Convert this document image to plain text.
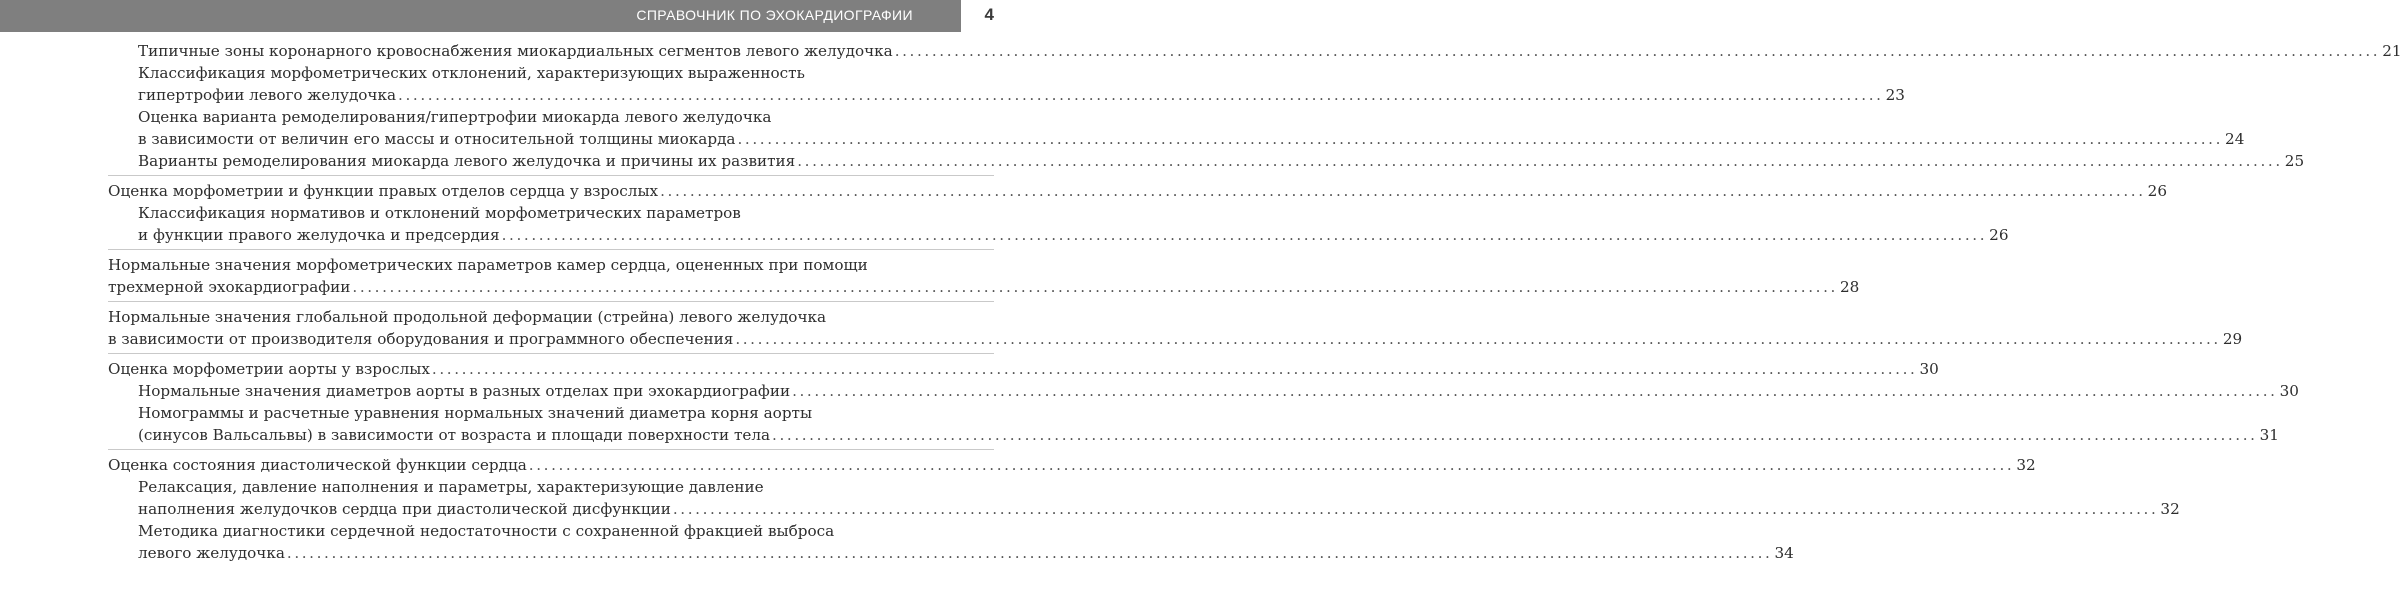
СПРАВОЧНИК ПО ЭХОКАРДИОГРАФИИ	4
Типичные зоны коронарного кровоснабжения миокардиальных сегментов левого желудочка ........................................................................................................................................................................................................ 21
Классификация морфометрических отклонений, характеризующих выраженность
гипертрофии левого желудочка ........................................................................................................................................................................................................ 23
Оценка варианта ремоделирования/гипертрофии миокарда левого желудочка
в зависимости от величин его массы и относительной толщины миокарда ........................................................................................................................................................................................................ 24
Варианты ремоделирования миокарда левого желудочка и причины их развития ........................................................................................................................................................................................................ 25
Оценка морфометрии и функции правых отделов сердца у взрослых ........................................................................................................................................................................................................ 26
Классификация нормативов и отклонений морфометрических параметров
и функции правого желудочка и предсердия ........................................................................................................................................................................................................ 26
Нормальные значения морфометрических параметров камер сердца, оцененных при помощи
трехмерной эхокардиографии ........................................................................................................................................................................................................ 28
Нормальные значения глобальной продольной деформации (стрейна) левого желудочка
в зависимости от производителя оборудования и программного обеспечения ........................................................................................................................................................................................................ 29
Оценка морфометрии аорты у взрослых ........................................................................................................................................................................................................ 30
Нормальные значения диаметров аорты в разных отделах при эхокардиографии ........................................................................................................................................................................................................ 30
Номограммы и расчетные уравнения нормальных значений диаметра корня аорты
(синусов Вальсальвы) в зависимости от возраста и площади поверхности тела ........................................................................................................................................................................................................ 31
Оценка состояния диастолической функции сердца ........................................................................................................................................................................................................ 32
Релаксация, давление наполнения и параметры, характеризующие давление
наполнения желудочков сердца при диастолической дисфункции ........................................................................................................................................................................................................ 32
Методика диагностики сердечной недостаточности с сохраненной фракцией выброса
левого желудочка ........................................................................................................................................................................................................ 34
